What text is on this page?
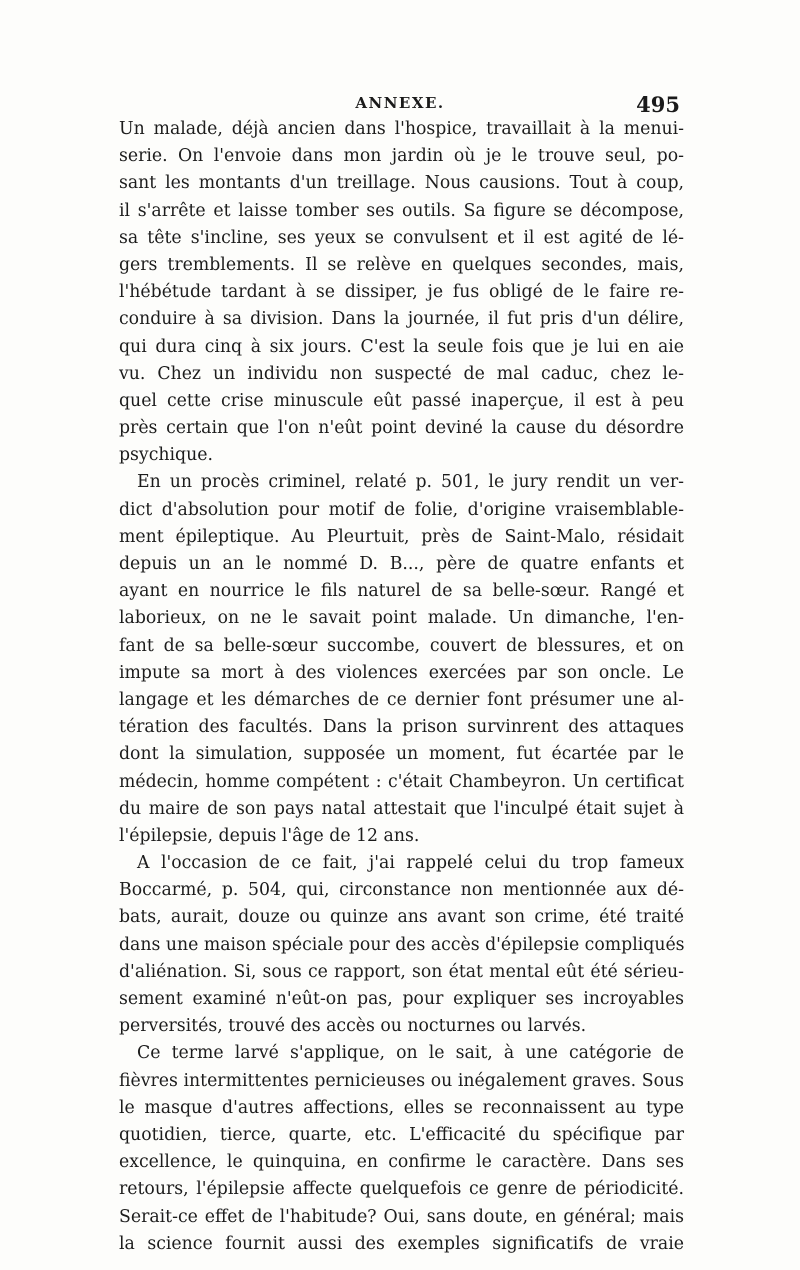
ANNEXE.	495
Un malade, déjà ancien dans l'hospice, travaillait à la menui-
serie. On l'envoie dans mon jardin où je le trouve seul, po-
sant les montants d'un treillage. Nous causions. Tout à coup,
il s'arrête et laisse tomber ses outils. Sa figure se décompose,
sa tête s'incline, ses yeux se convulsent et il est agité de lé-
gers tremblements. Il se relève en quelques secondes, mais,
l'hébétude tardant à se dissiper, je fus obligé de le faire re-
conduire à sa division. Dans la journée, il fut pris d'un délire,
qui dura cinq à six jours. C'est la seule fois que je lui en aie
vu. Chez un individu non suspecté de mal caduc, chez le-
quel cette crise minuscule eût passé inaperçue, il est à peu
près certain que l'on n'eût point deviné la cause du désordre
psychique.
En un procès criminel, relaté p. 501, le jury rendit un ver-
dict d'absolution pour motif de folie, d'origine vraisemblable-
ment épileptique. Au Pleurtuit, près de Saint-Malo, résidait
depuis un an le nommé D. B..., père de quatre enfants et
ayant en nourrice le fils naturel de sa belle-sœur. Rangé et
laborieux, on ne le savait point malade. Un dimanche, l'en-
fant de sa belle-sœur succombe, couvert de blessures, et on
impute sa mort à des violences exercées par son oncle. Le
langage et les démarches de ce dernier font présumer une al-
tération des facultés. Dans la prison survinrent des attaques
dont la simulation, supposée un moment, fut écartée par le
médecin, homme compétent : c'était Chambeyron. Un certificat
du maire de son pays natal attestait que l'inculpé était sujet à
l'épilepsie, depuis l'âge de 12 ans.
A l'occasion de ce fait, j'ai rappelé celui du trop fameux
Boccarmé, p. 504, qui, circonstance non mentionnée aux dé-
bats, aurait, douze ou quinze ans avant son crime, été traité
dans une maison spéciale pour des accès d'épilepsie compliqués
d'aliénation. Si, sous ce rapport, son état mental eût été sérieu-
sement examiné n'eût-on pas, pour expliquer ses incroyables
perversités, trouvé des accès ou nocturnes ou larvés.
Ce terme larvé s'applique, on le sait, à une catégorie de
fièvres intermittentes pernicieuses ou inégalement graves. Sous
le masque d'autres affections, elles se reconnaissent au type
quotidien, tierce, quarte, etc. L'efficacité du spécifique par
excellence, le quinquina, en confirme le caractère. Dans ses
retours, l'épilepsie affecte quelquefois ce genre de périodicité.
Serait-ce effet de l'habitude? Oui, sans doute, en général; mais
la science fournit aussi des exemples significatifs de vraie
